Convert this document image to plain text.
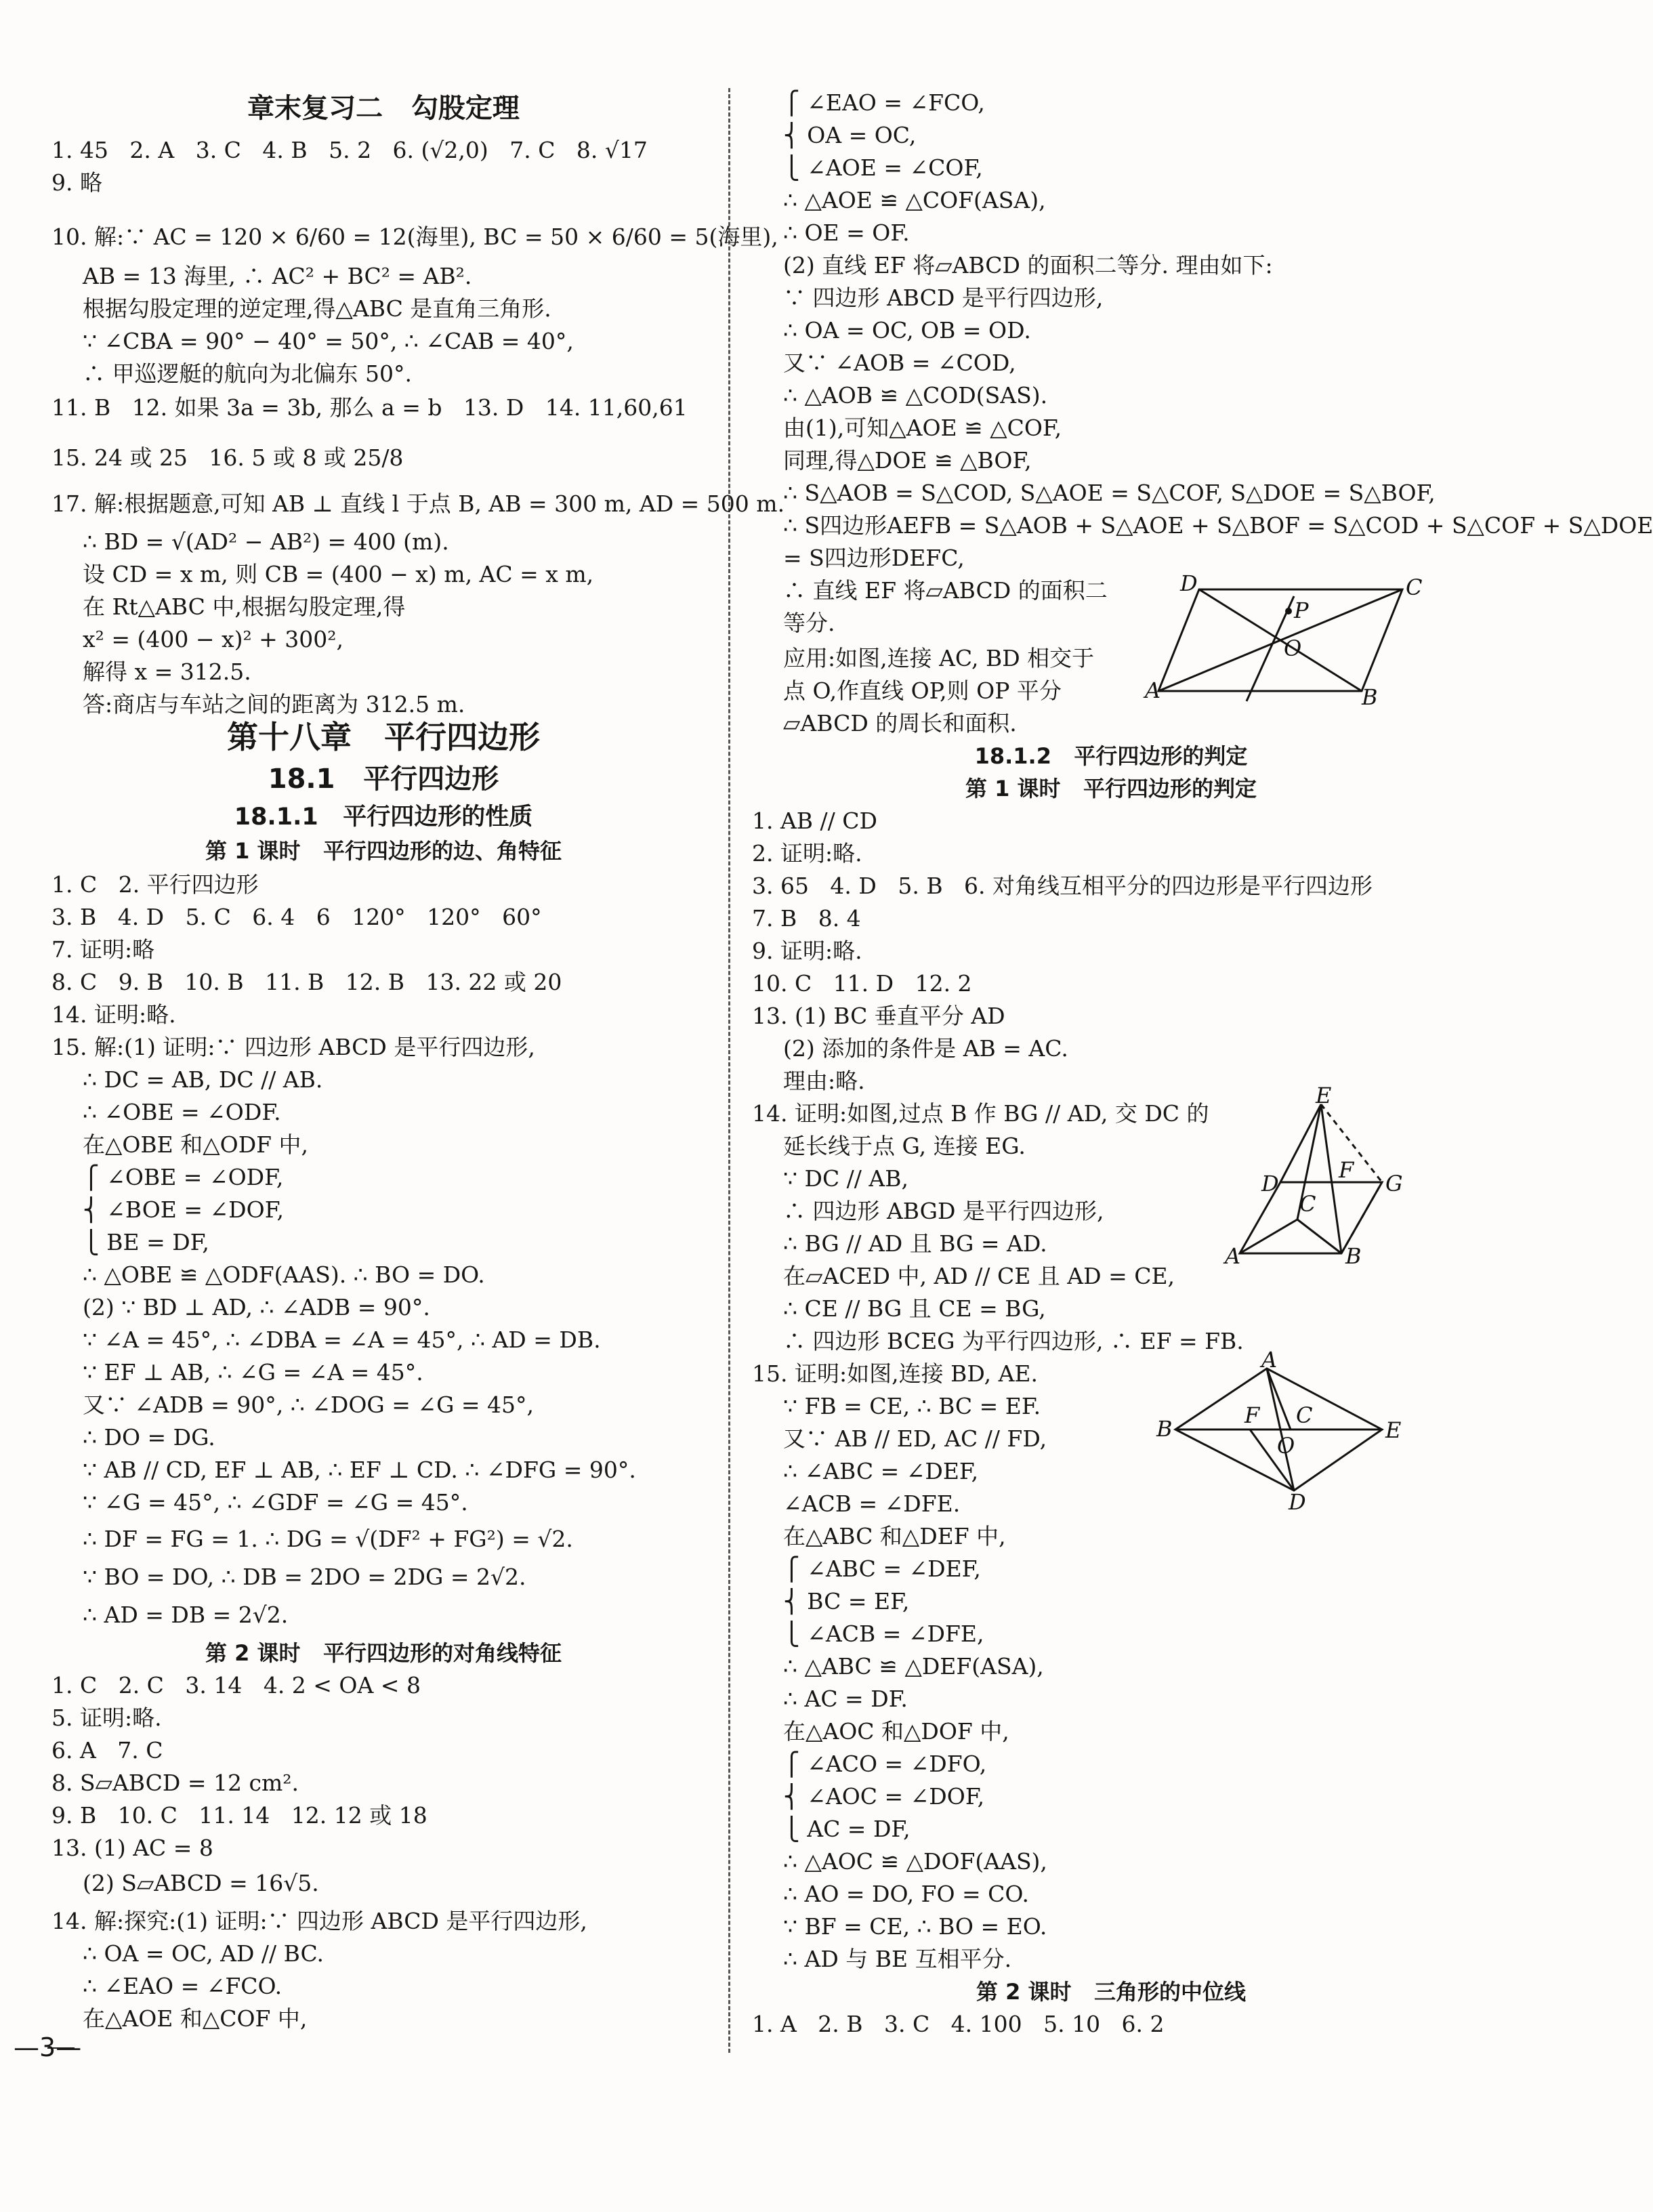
章末复习二   勾股定理
1. 45   2. A   3. C   4. B   5. 2   6. (√2,0)   7. C   8. √17
9. 略
10. 解:∵ AC = 120 × 6/60 = 12(海里), BC = 50 × 6/60 = 5(海里),
AB = 13 海里, ∴ AC² + BC² = AB².
根据勾股定理的逆定理,得△ABC 是直角三角形.
∵ ∠CBA = 90° − 40° = 50°, ∴ ∠CAB = 40°,
∴ 甲巡逻艇的航向为北偏东 50°.
11. B   12. 如果 3a = 3b, 那么 a = b   13. D   14. 11,60,61
15. 24 或 25   16. 5 或 8 或 25/8
17. 解:根据题意,可知 AB ⊥ 直线 l 于点 B, AB = 300 m, AD = 500 m.
∴ BD = √(AD² − AB²) = 400 (m).
设 CD = x m, 则 CB = (400 − x) m, AC = x m,
在 Rt△ABC 中,根据勾股定理,得
x² = (400 − x)² + 300²,
解得 x = 312.5.
答:商店与车站之间的距离为 312.5 m.
第十八章   平行四边形
18.1   平行四边形
18.1.1   平行四边形的性质
第 1 课时   平行四边形的边、角特征
1. C   2. 平行四边形
3. B   4. D   5. C   6. 4   6   120°   120°   60°
7. 证明:略
8. C   9. B   10. B   11. B   12. B   13. 22 或 20
14. 证明:略.
15. 解:(1) 证明:∵ 四边形 ABCD 是平行四边形,
∴ DC = AB, DC // AB.
∴ ∠OBE = ∠ODF.
在△OBE 和△ODF 中,
⎧ ∠OBE = ∠ODF,
⎨ ∠BOE = ∠DOF,
⎩ BE = DF,
∴ △OBE ≌ △ODF(AAS). ∴ BO = DO.
(2) ∵ BD ⊥ AD, ∴ ∠ADB = 90°.
∵ ∠A = 45°, ∴ ∠DBA = ∠A = 45°, ∴ AD = DB.
∵ EF ⊥ AB, ∴ ∠G = ∠A = 45°.
又∵ ∠ADB = 90°, ∴ ∠DOG = ∠G = 45°,
∴ DO = DG.
∵ AB // CD, EF ⊥ AB, ∴ EF ⊥ CD. ∴ ∠DFG = 90°.
∵ ∠G = 45°, ∴ ∠GDF = ∠G = 45°.
∴ DF = FG = 1. ∴ DG = √(DF² + FG²) = √2.
∵ BO = DO, ∴ DB = 2DO = 2DG = 2√2.
∴ AD = DB = 2√2.
第 2 课时   平行四边形的对角线特征
1. C   2. C   3. 14   4. 2 < OA < 8
5. 证明:略.
6. A   7. C
8. S▱ABCD = 12 cm².
9. B   10. C   11. 14   12. 12 或 18
13. (1) AC = 8
(2) S▱ABCD = 16√5.
14. 解:探究:(1) 证明:∵ 四边形 ABCD 是平行四边形,
∴ OA = OC, AD // BC.
∴ ∠EAO = ∠FCO.
在△AOE 和△COF 中,
⎧ ∠EAO = ∠FCO,
⎨ OA = OC,
⎩ ∠AOE = ∠COF,
∴ △AOE ≌ △COF(ASA),
∴ OE = OF.
(2) 直线 EF 将▱ABCD 的面积二等分. 理由如下:
∵ 四边形 ABCD 是平行四边形,
∴ OA = OC, OB = OD.
又∵ ∠AOB = ∠COD,
∴ △AOB ≌ △COD(SAS).
由(1),可知△AOE ≌ △COF,
同理,得△DOE ≌ △BOF,
∴ S△AOB = S△COD, S△AOE = S△COF, S△DOE = S△BOF,
∴ S四边形AEFB = S△AOB + S△AOE + S△BOF = S△COD + S△COF + S△DOE
= S四边形DEFC,
∴ 直线 EF 将▱ABCD 的面积二
等分.
应用:如图,连接 AC, BD 相交于
点 O,作直线 OP,则 OP 平分
▱ABCD 的周长和面积.
18.1.2   平行四边形的判定
第 1 课时   平行四边形的判定
1. AB // CD
2. 证明:略.
3. 65   4. D   5. B   6. 对角线互相平分的四边形是平行四边形
7. B   8. 4
9. 证明:略.
10. C   11. D   12. 2
13. (1) BC 垂直平分 AD
(2) 添加的条件是 AB = AC.
理由:略.
14. 证明:如图,过点 B 作 BG // AD, 交 DC 的
延长线于点 G, 连接 EG.
∵ DC // AB,
∴ 四边形 ABGD 是平行四边形,
∴ BG // AD 且 BG = AD.
在▱ACED 中, AD // CE 且 AD = CE,
∴ CE // BG 且 CE = BG,
∴ 四边形 BCEG 为平行四边形, ∴ EF = FB.
15. 证明:如图,连接 BD, AE.
∵ FB = CE, ∴ BC = EF.
又∵ AB // ED, AC // FD,
∴ ∠ABC = ∠DEF,
∠ACB = ∠DFE.
在△ABC 和△DEF 中,
⎧ ∠ABC = ∠DEF,
⎨ BC = EF,
⎩ ∠ACB = ∠DFE,
∴ △ABC ≌ △DEF(ASA),
∴ AC = DF.
在△AOC 和△DOF 中,
⎧ ∠ACO = ∠DFO,
⎨ ∠AOC = ∠DOF,
⎩ AC = DF,
∴ △AOC ≌ △DOF(AAS),
∴ AO = DO, FO = CO.
∵ BF = CE, ∴ BO = EO.
∴ AD 与 BE 互相平分.
第 2 课时   三角形的中位线
1. A   2. B   3. C   4. 100   5. 10   6. 2
D
P
C
O
A	B
E
D
F
G
C
A	B
A
B
F C
E
O
D
—3—
